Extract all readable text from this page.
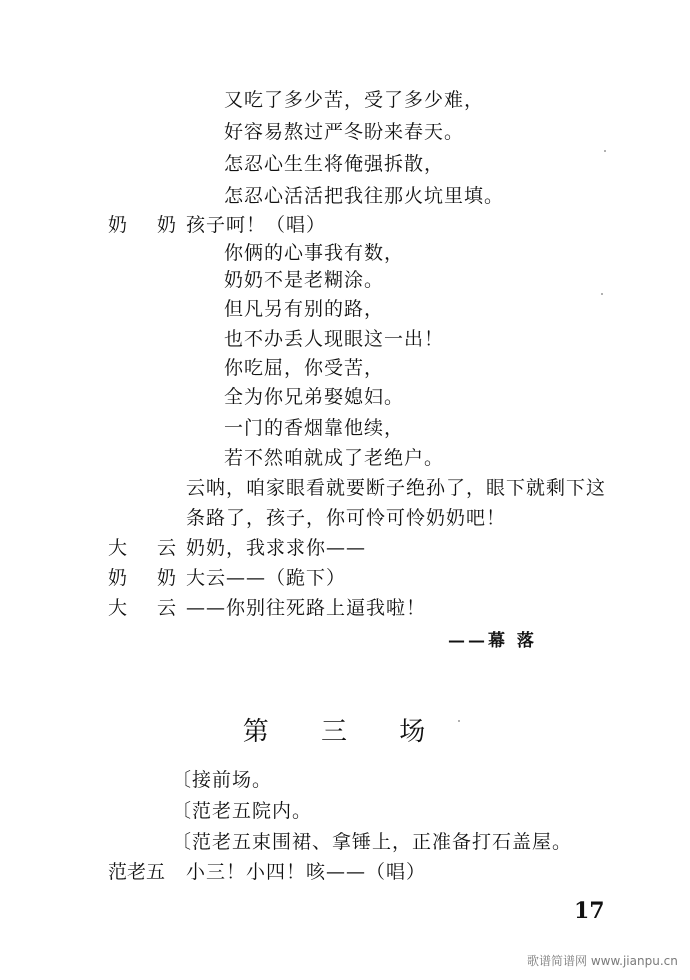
又吃了多少苦，受了多少难，
好容易熬过严冬盼来春天。
怎忍心生生将俺强拆散，
怎忍心活活把我往那火坑里填。
奶 奶
孩子呵！（唱）
你俩的心事我有数，
奶奶不是老糊涂。
但凡另有别的路，
也不办丢人现眼这一出！
你吃屈，你受苦，
全为你兄弟娶媳妇。
一门的香烟靠他续，
若不然咱就成了老绝户。
云呐，咱家眼看就要断子绝孙了，眼下就剩下这
条路了，孩子，你可怜可怜奶奶吧！
大 云
奶奶，我求求你——
奶 奶
大云——（跪下）
大 云
——你别往死路上逼我啦！
——幕 落
第 三 场
〔接前场。
〔范老五院内。
〔范老五束围裙、拿锤上，正准备打石盖屋。
范老五	小三！小四！咳——（唱）
17
歌谱简谱网 www.jianpu.cn
